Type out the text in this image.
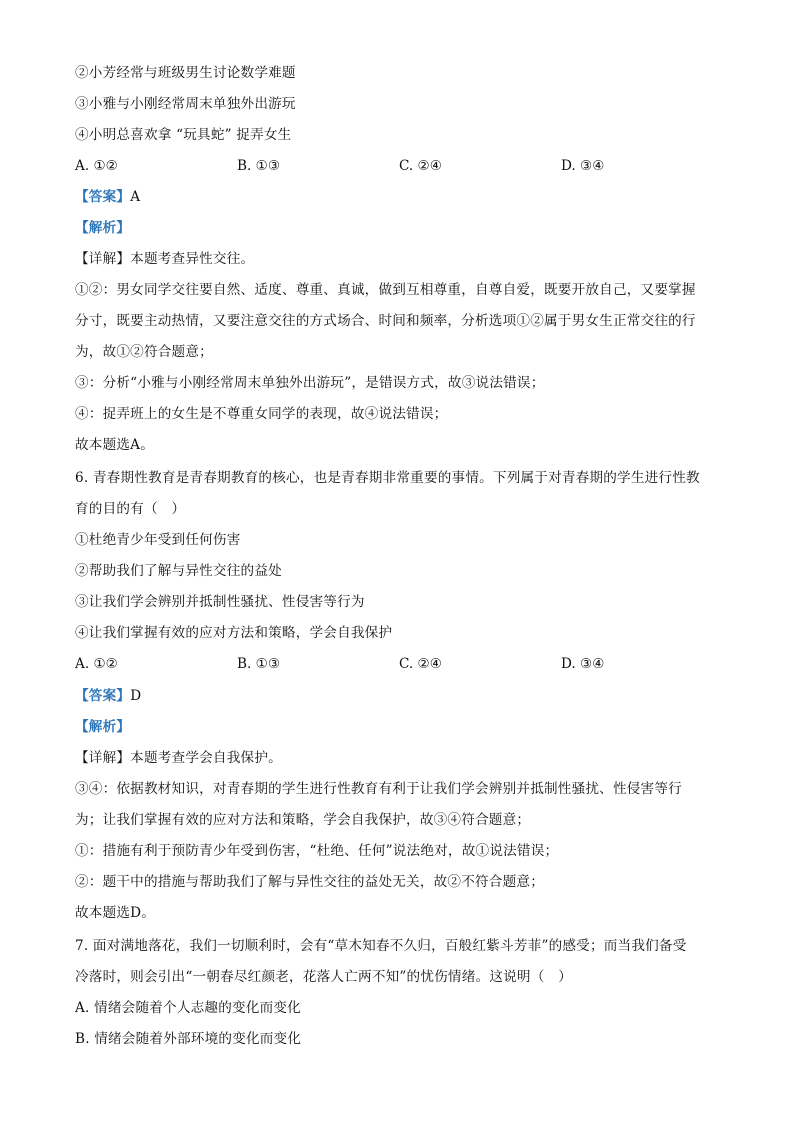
②小芳经常与班级男生讨论数学难题
③小雅与小刚经常周末单独外出游玩
④小明总喜欢拿 “玩具蛇” 捉弄女生
A. ①②	B. ①③	C. ②④	D. ③④
【答案】A
【解析】
【详解】本题考查异性交往。
①②：男女同学交往要自然、适度、尊重、真诚，做到互相尊重，自尊自爱，既要开放自己，又要掌握
分寸，既要主动热情，又要注意交往的方式场合、时间和频率，分析选项①②属于男女生正常交往的行
为，故①②符合题意；
③：分析“小雅与小刚经常周末单独外出游玩”，是错误方式，故③说法错误；
④：捉弄班上的女生是不尊重女同学的表现，故④说法错误；
故本题选A。
6. 青春期性教育是青春期教育的核心，也是青春期非常重要的事情。下列属于对青春期的学生进行性教
育的目的有（　）
①杜绝青少年受到任何伤害
②帮助我们了解与异性交往的益处
③让我们学会辨别并抵制性骚扰、性侵害等行为
④让我们掌握有效的应对方法和策略，学会自我保护
A. ①②	B. ①③	C. ②④	D. ③④
【答案】D
【解析】
【详解】本题考查学会自我保护。
③④：依据教材知识，对青春期的学生进行性教育有利于让我们学会辨别并抵制性骚扰、性侵害等行
为；让我们掌握有效的应对方法和策略，学会自我保护，故③④符合题意；
①：措施有利于预防青少年受到伤害，“杜绝、任何”说法绝对，故①说法错误；
②：题干中的措施与帮助我们了解与异性交往的益处无关，故②不符合题意；
故本题选D。
7. 面对满地落花，我们一切顺利时，会有“草木知春不久归，百般红紫斗芳菲”的感受；而当我们备受
冷落时，则会引出“一朝春尽红颜老，花落人亡两不知”的忧伤情绪。这说明（　）
A. 情绪会随着个人志趣的变化而变化
B. 情绪会随着外部环境的变化而变化
